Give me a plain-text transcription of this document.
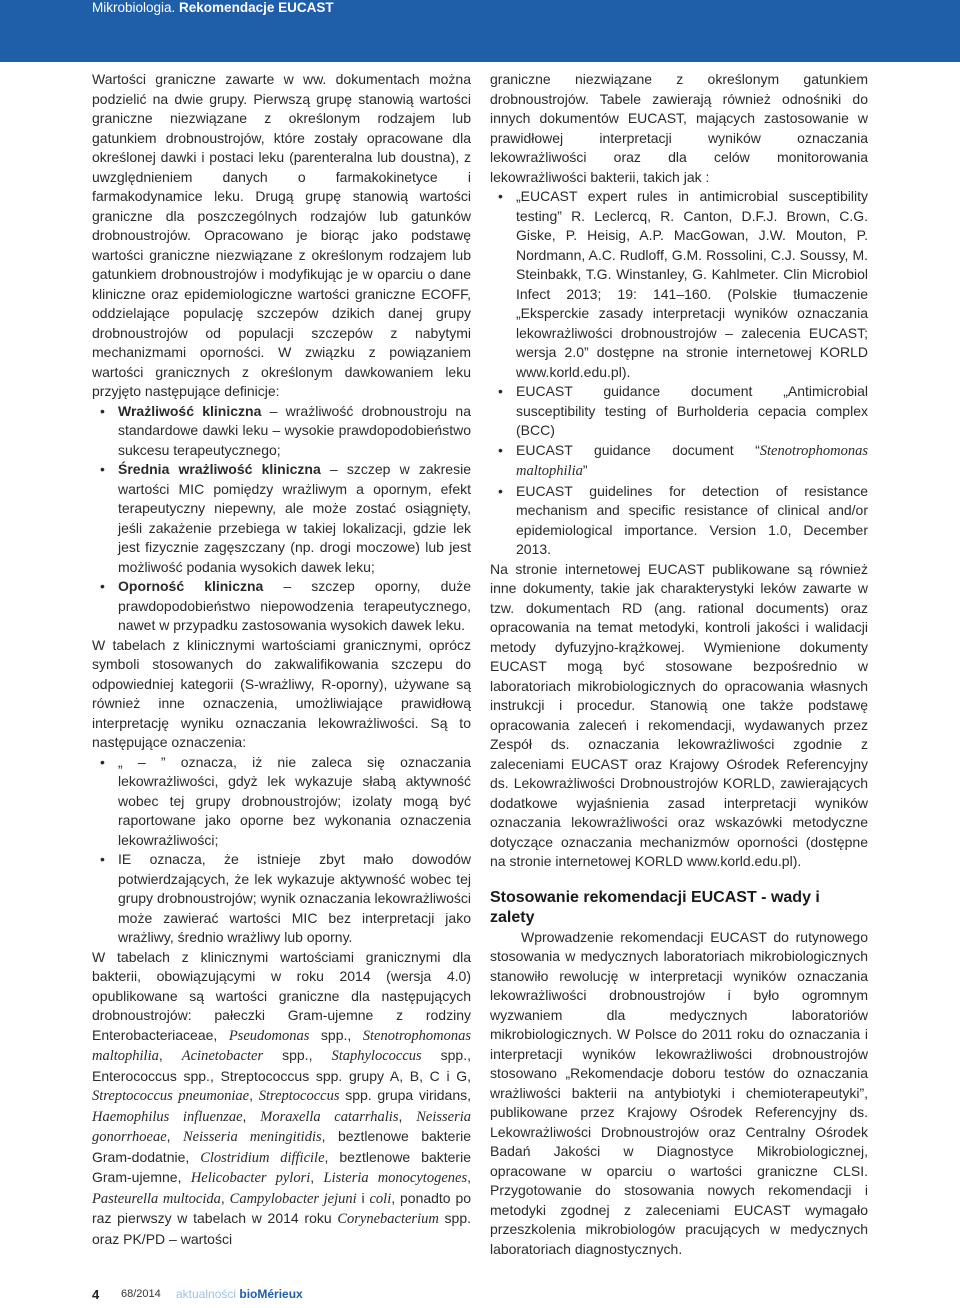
Mikrobiologia. Rekomendacje EUCAST

Wartości graniczne zawarte w ww. dokumentach można podzielić na dwie grupy. Pierwszą grupę stanowią wartości graniczne niezwiązane z określonym rodzajem lub gatunkiem drobnoustrojów, które zostały opracowane dla określonej dawki i postaci leku (parenteralna lub doustna), z uwzględnieniem danych o farmakokinetyce i farmakodynamice leku. Drugą grupę stanowią wartości graniczne dla poszczególnych rodzajów lub gatunków drobnoustrojów. Opracowano je biorąc jako podstawę wartości graniczne niezwiązane z określonym rodzajem lub gatunkiem drobnoustrojów i modyfikując je w oparciu o dane kliniczne oraz epidemiologiczne wartości graniczne ECOFF, oddzielające populację szczepów dzikich danej grupy drobnoustrojów od populacji szczepów z nabytymi mechanizmami oporności. W związku z powiązaniem wartości granicznych z określonym dawkowaniem leku przyjęto następujące definicje:

• Wrażliwość kliniczna – wrażliwość drobnoustroju na standardowe dawki leku – wysokie prawdopodobieństwo sukcesu terapeutycznego;
• Średnia wrażliwość kliniczna – szczep w zakresie wartości MIC pomiędzy wrażliwym a opornym, efekt terapeutyczny niepewny, ale może zostać osiągnięty, jeśli zakażenie przebiega w takiej lokalizacji, gdzie lek jest fizycznie zagęszczany (np. drogi moczowe) lub jest możliwość podania wysokich dawek leku;
• Oporność kliniczna – szczep oporny, duże prawdopodobieństwo niepowodzenia terapeutycznego, nawet w przypadku zastosowania wysokich dawek leku.

W tabelach z klinicznymi wartościami granicznymi, oprócz symboli stosowanych do zakwalifikowania szczepu do odpowiedniej kategorii (S-wrażliwy, R-oporny), używane są również inne oznaczenia, umożliwiające prawidłową interpretację wyniku oznaczania lekowrażliwości. Są to następujące oznaczenia:

• „ – ” oznacza, iż nie zaleca się oznaczania lekowrażliwości, gdyż lek wykazuje słabą aktywność wobec tej grupy drobnoustrojów; izolaty mogą być raportowane jako oporne bez wykonania oznaczenia lekowrażliwości;
• IE oznacza, że istnieje zbyt mało dowodów potwierdzających, że lek wykazuje aktywność wobec tej grupy drobnoustrojów; wynik oznaczania lekowrażliwości może zawierać wartości MIC bez interpretacji jako wrażliwy, średnio wrażliwy lub oporny.

W tabelach z klinicznymi wartościami granicznymi dla bakterii, obowiązującymi w roku 2014 (wersja 4.0) opublikowane są wartości graniczne dla następujących drobnoustrojów: pałeczki Gram-ujemne z rodziny Enterobacteriaceae, Pseudomonas spp., Stenotrophomonas maltophilia, Acinetobacter spp., Staphylococcus spp., Enterococcus spp., Streptococcus spp. grupy A, B, C i G, Streptococcus pneumoniae, Streptococcus spp. grupa viridans, Haemophilus influenzae, Moraxella catarrhalis, Neisseria gonorrhoeae, Neisseria meningitidis, beztlenowe bakterie Gram-dodatnie, Clostridium difficile, beztlenowe bakterie Gram-ujemne, Helicobacter pylori, Listeria monocytogenes, Pasteurella multocida, Campylobacter jejuni i coli, ponadto po raz pierwszy w tabelach w 2014 roku Corynebacterium spp. oraz PK/PD – wartości

graniczne niezwiązane z określonym gatunkiem drobnoustrojów. Tabele zawierają również odnośniki do innych dokumentów EUCAST, mających zastosowanie w prawidłowej interpretacji wyników oznaczania lekowrażliwości oraz dla celów monitorowania lekowrażliwości bakterii, takich jak :

• „EUCAST expert rules in antimicrobial susceptibility testing” R. Leclercq, R. Canton, D.F.J. Brown, C.G. Giske, P. Heisig, A.P. MacGowan, J.W. Mouton, P. Nordmann, A.C. Rudloff, G.M. Rossolini, C.J. Soussy, M. Steinbakk, T.G. Winstanley, G. Kahlmeter. Clin Microbiol Infect 2013; 19: 141–160. (Polskie tłumaczenie „Eksperckie zasady interpretacji wyników oznaczania lekowrażliwości drobnoustrojów – zalecenia EUCAST; wersja 2.0” dostępne na stronie internetowej KORLD www.korld.edu.pl).
• EUCAST guidance document „Antimicrobial susceptibility testing of Burholderia cepacia complex (BCC)
• EUCAST guidance document “Stenotrophomonas maltophilia”
• EUCAST guidelines for detection of resistance mechanism and specific resistance of clinical and/or epidemiological importance. Version 1.0, December 2013.

Na stronie internetowej EUCAST publikowane są również inne dokumenty, takie jak charakterystyki leków zawarte w tzw. dokumentach RD (ang. rational documents) oraz opracowania na temat metodyki, kontroli jakości i walidacji metody dyfuzyjno-krążkowej. Wymienione dokumenty EUCAST mogą być stosowane bezpośrednio w laboratoriach mikrobiologicznych do opracowania własnych instrukcji i procedur. Stanowią one także podstawę opracowania zaleceń i rekomendacji, wydawanych przez Zespół ds. oznaczania lekowrażliwości zgodnie z zaleceniami EUCAST oraz Krajowy Ośrodek Referencyjny ds. Lekowrażliwości Drobnoustrojów KORLD, zawierających dodatkowe wyjaśnienia zasad interpretacji wyników oznaczania lekowrażliwości oraz wskazówki metodyczne dotyczące oznaczania mechanizmów oporności (dostępne na stronie internetowej KORLD www.korld.edu.pl).

Stosowanie rekomendacji EUCAST - wady i zalety

Wprowadzenie rekomendacji EUCAST do rutynowego stosowania w medycznych laboratoriach mikrobiologicznych stanowiło rewolucję w interpretacji wyników oznaczania lekowrażliwości drobnoustrojów i było ogromnym wyzwaniem dla medycznych laboratoriów mikrobiologicznych. W Polsce do 2011 roku do oznaczania i interpretacji wyników lekowrażliwości drobnoustrojów stosowano „Rekomendacje doboru testów do oznaczania wrażliwości bakterii na antybiotyki i chemioterapeutyki”, publikowane przez Krajowy Ośrodek Referencyjny ds. Lekowrażliwości Drobnoustrojów oraz Centralny Ośrodek Badań Jakości w Diagnostyce Mikrobiologicznej, opracowane w oparciu o wartości graniczne CLSI. Przygotowanie do stosowania nowych rekomendacji i metodyki zgodnej z zaleceniami EUCAST wymagało przeszkolenia mikrobiologów pracujących w medycznych laboratoriach diagnostycznych.

4 68/2014 aktualności bioMérieux
